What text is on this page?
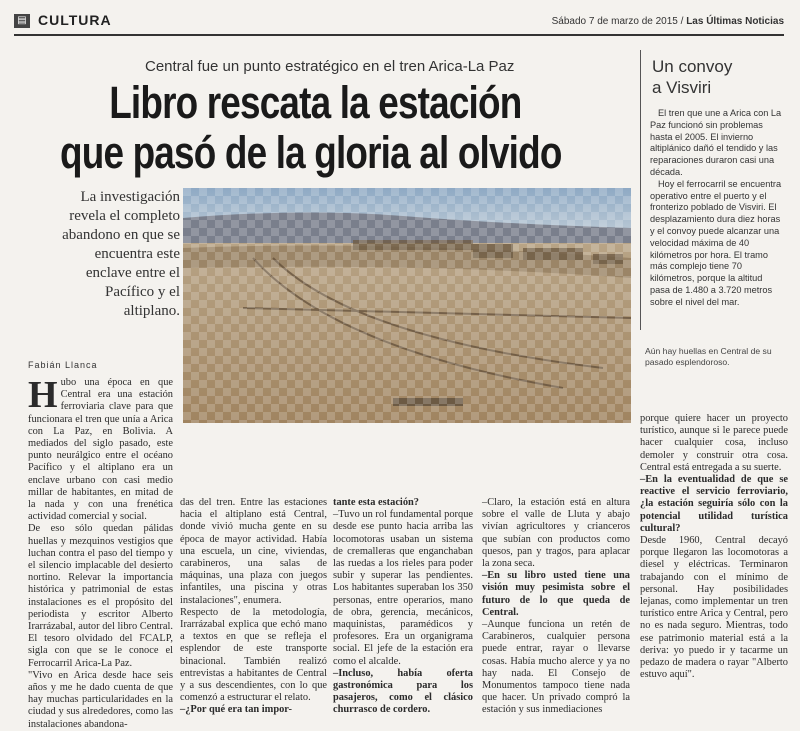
▤ CULTURA	Sábado 7 de marzo de 2015 / Las Últimas Noticias
Central fue un punto estratégico en el tren Arica-La Paz
Libro rescata la estación
que pasó de la gloria al olvido
La investigación revela el completo abandono en que se encuentra este enclave entre el Pacífico y el altiplano.
Fabián Llanca

Hubo una época en que Central era una estación ferroviaria clave para que funcionara el tren que unía a Arica con La Paz, en Bolivia. A mediados del siglo pasado, este punto neurálgico entre el océano Pacífico y el altiplano era un enclave urbano con casi medio millar de habitantes, en mitad de la nada y con una frenética actividad comercial y social.

De eso sólo quedan pálidas huellas y mezquinos vestigios que luchan contra el paso del tiempo y el silencio implacable del desierto nortino. Relevar la importancia histórica y patrimonial de estas instalaciones es el propósito del periodista y escritor Alberto Irarrázabal, autor del libro Central. El tesoro olvidado del FCALP, sigla con que se le conoce el Ferrocarril Arica-La Paz.

"Vivo en Arica desde hace seis años y me he dado cuenta de que hay muchas particularidades en la ciudad y sus alrededores, como las instalaciones abandona-

das del tren. Entre las estaciones hacia el altiplano está Central, donde vivió mucha gente en su época de mayor actividad. Había una escuela, un cine, viviendas, carabineros, una salas de máquinas, una plaza con juegos infantiles, una piscina y otras instalaciones", enumera.

Respecto de la metodología, Irarrázabal explica que echó mano a textos en que se refleja el esplendor de este transporte binacional. También realizó entrevistas a habitantes de Central y a sus descendientes, con lo que comenzó a estructurar el relato.

–¿Por qué era tan impor-

tante esta estación?

–Tuvo un rol fundamental porque desde ese punto hacia arriba las locomotoras usaban un sistema de cremalleras que enganchaban las ruedas a los rieles para poder subir y superar las pendientes. Los habitantes superaban los 350 personas, entre operarios, mano de obra, gerencia, mecánicos, maquinistas, paramédicos y profesores. Era un organigrama social. El jefe de la estación era como el alcalde.

–Incluso, había oferta gastronómica para los pasajeros, como el clásico churrasco de cordero.

–Claro, la estación está en altura sobre el valle de Lluta y abajo vivían agricultores y crianceros que subían con productos como quesos, pan y tragos, para aplacar la zona seca.

–En su libro usted tiene una visión muy pesimista sobre el futuro de lo que queda de Central.

–Aunque funciona un retén de Carabineros, cualquier persona puede entrar, rayar o llevarse cosas. Había mucho alerce y ya no hay nada. El Consejo de Monumentos tampoco tiene nada que hacer. Un privado compró la estación y sus inmediaciones

porque quiere hacer un proyecto turístico, aunque si le parece puede hacer cualquier cosa, incluso demoler y construir otra cosa. Central está entregada a su suerte.

–En la eventualidad de que se reactive el servicio ferroviario, ¿la estación seguiría sólo con la potencial utilidad turística cultural?

Desde 1960, Central decayó porque llegaron las locomotoras a diesel y eléctricas. Terminaron trabajando con el mínimo de personal. Hay posibilidades lejanas, como implementar un tren turístico entre Arica y Central, pero no es nada seguro. Mientras, todo ese patrimonio material está a la deriva: yo puedo ir y tacarme un pedazo de madera o rayar "Alberto estuvo aquí".

Un convoy
a Visviri

El tren que une a Arica con La Paz funcionó sin problemas hasta el 2005. El invierno altiplánico dañó el tendido y las reparaciones duraron casi una década.

Hoy el ferrocarril se encuentra operativo entre el puerto y el fronterizo poblado de Visviri. El desplazamiento dura diez horas y el convoy puede alcanzar una velocidad máxima de 40 kilómetros por hora. El tramo más complejo tiene 70 kilómetros, porque la altitud pasa de 1.480 a 3.720 metros sobre el nivel del mar.

Aún hay huellas en Central de su pasado esplendoroso.
